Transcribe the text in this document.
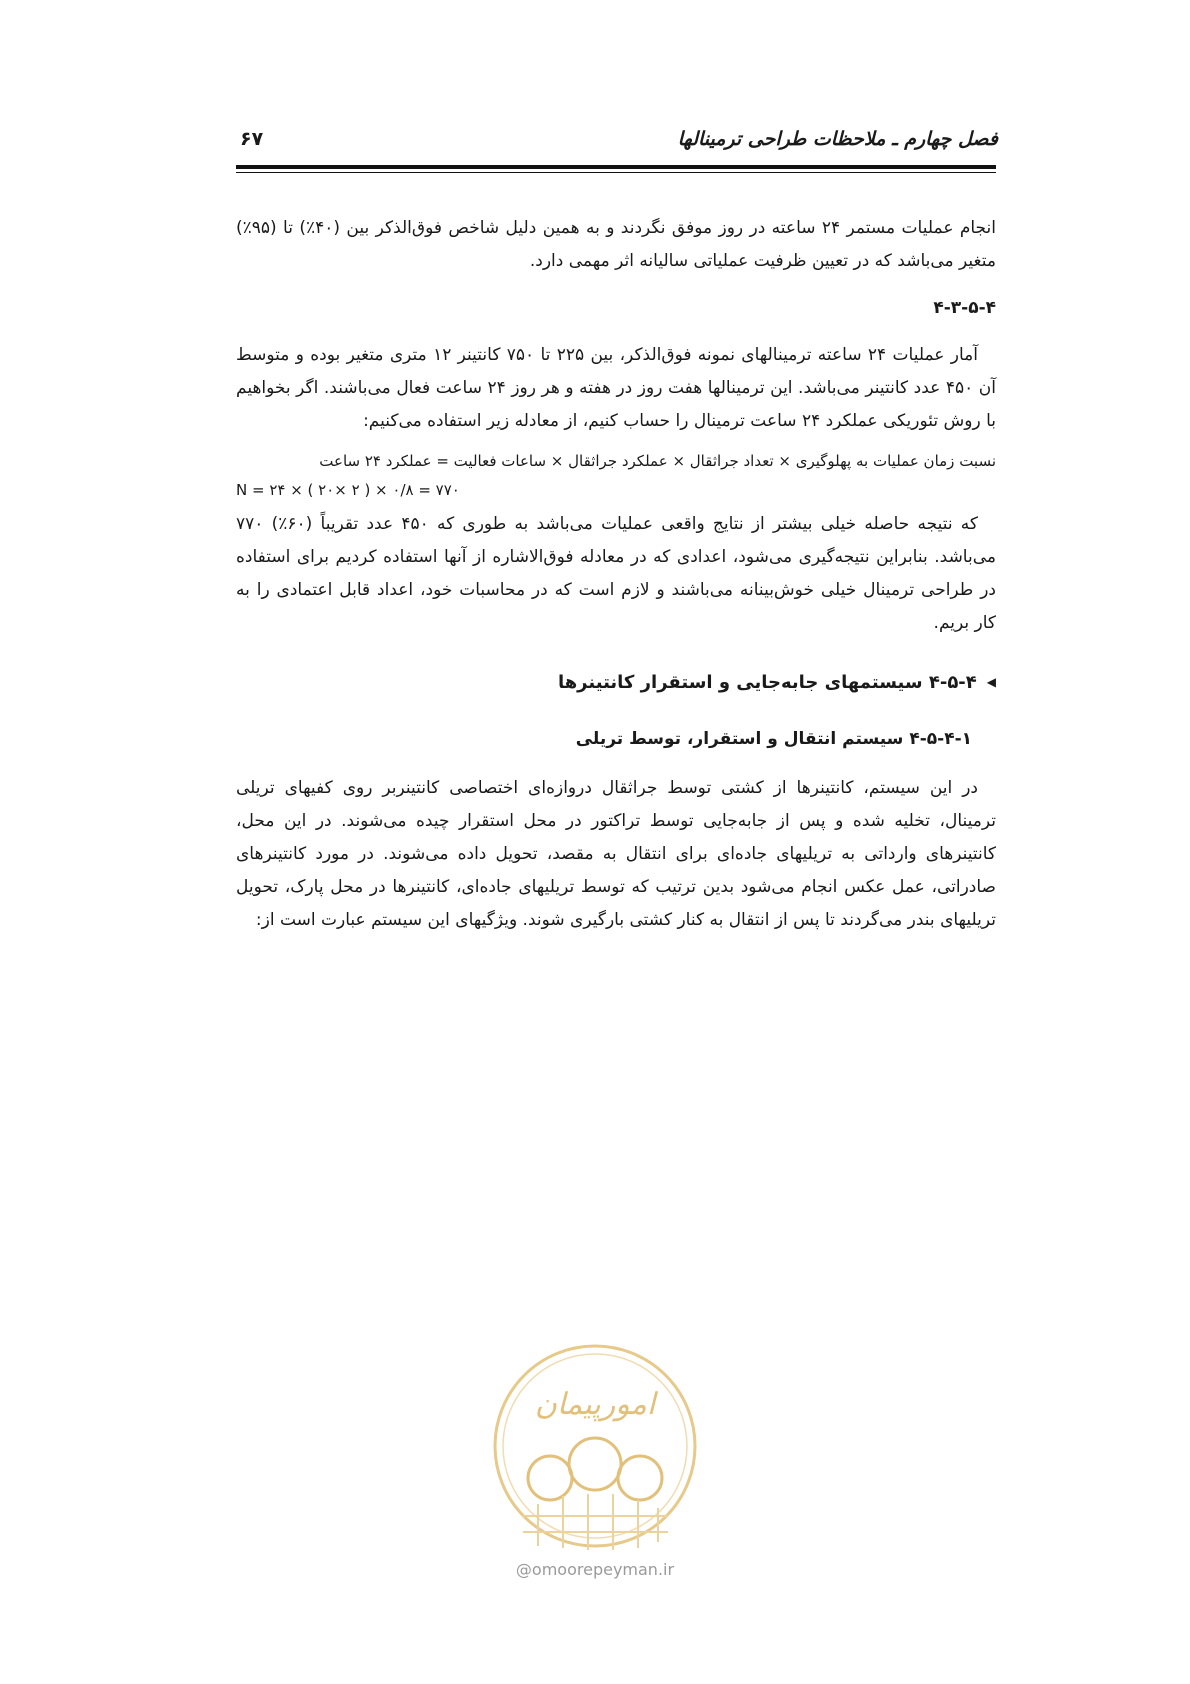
فصل چهارم ـ ملاحظات طراحی ترمینالها
۶۷

انجام عملیات مستمر ۲۴ ساعته در روز موفق نگردند و به همین دلیل شاخص فوق‌الذکر بین (۴۰٪) تا (۹۵٪) متغیر می‌باشد که در تعیین ظرفیت عملیاتی سالیانه اثر مهمی دارد.

۴-۳-۵-۴

آمار عملیات ۲۴ ساعته ترمینالهای نمونه فوق‌الذکر، بین ۲۲۵ تا ۷۵۰ کانتینر ۱۲ متری متغیر بوده و متوسط آن ۴۵۰ عدد کانتینر می‌باشد. این ترمینالها هفت روز در هفته و هر روز ۲۴ ساعت فعال می‌باشند. اگر بخواهیم با روش تئوریکی عملکرد ۲۴ ساعت ترمینال را حساب کنیم، از معادله زیر استفاده می‌کنیم:

نسبت زمان عملیات به پهلوگیری × تعداد جراثقال × عملکرد جراثقال × ساعات فعالیت = عملکرد ۲۴ ساعت

N = ۲۴ × ( ۲۰× ۲ ) × ۰/۸ = ۷۷۰

که نتیجه حاصله خیلی بیشتر از نتایج واقعی عملیات می‌باشد به طوری که ۴۵۰ عدد تقریباً (۶۰٪) ۷۷۰ می‌باشد. بنابراین نتیجه‌گیری می‌شود، اعدادی که در معادله فوق‌الاشاره از آنها استفاده کردیم برای استفاده در طراحی ترمینال خیلی خوش‌بینانه می‌باشند و لازم است که در محاسبات خود، اعداد قابل اعتمادی را به کار بریم.

◀
۴-۵-۴ سیستمهای جابه‌جایی و استقرار کانتینرها

۴-۵-۴-۱ سیستم انتقال و استقرار، توسط تریلی

در این سیستم، کانتینرها از کشتی توسط جراثقال دروازه‌ای اختصاصی کانتینربر روی کفیهای تریلی ترمینال، تخلیه شده و پس از جابه‌جایی توسط تراکتور در محل استقرار چیده می‌شوند. در این محل، کانتینرهای وارداتی به تریلیهای جاده‌ای برای انتقال به مقصد، تحویل داده می‌شوند. در مورد کانتینرهای صادراتی، عمل عکس انجام می‌شود بدین ترتیب که توسط تریلیهای جاده‌ای، کانتینرها در محل پارک، تحویل تریلیهای بندر می‌گردند تا پس از انتقال به کنار کشتی بارگیری شوند. ویژگیهای این سیستم عبارت است از:

امورپیمان
@omoorepeyman.ir
